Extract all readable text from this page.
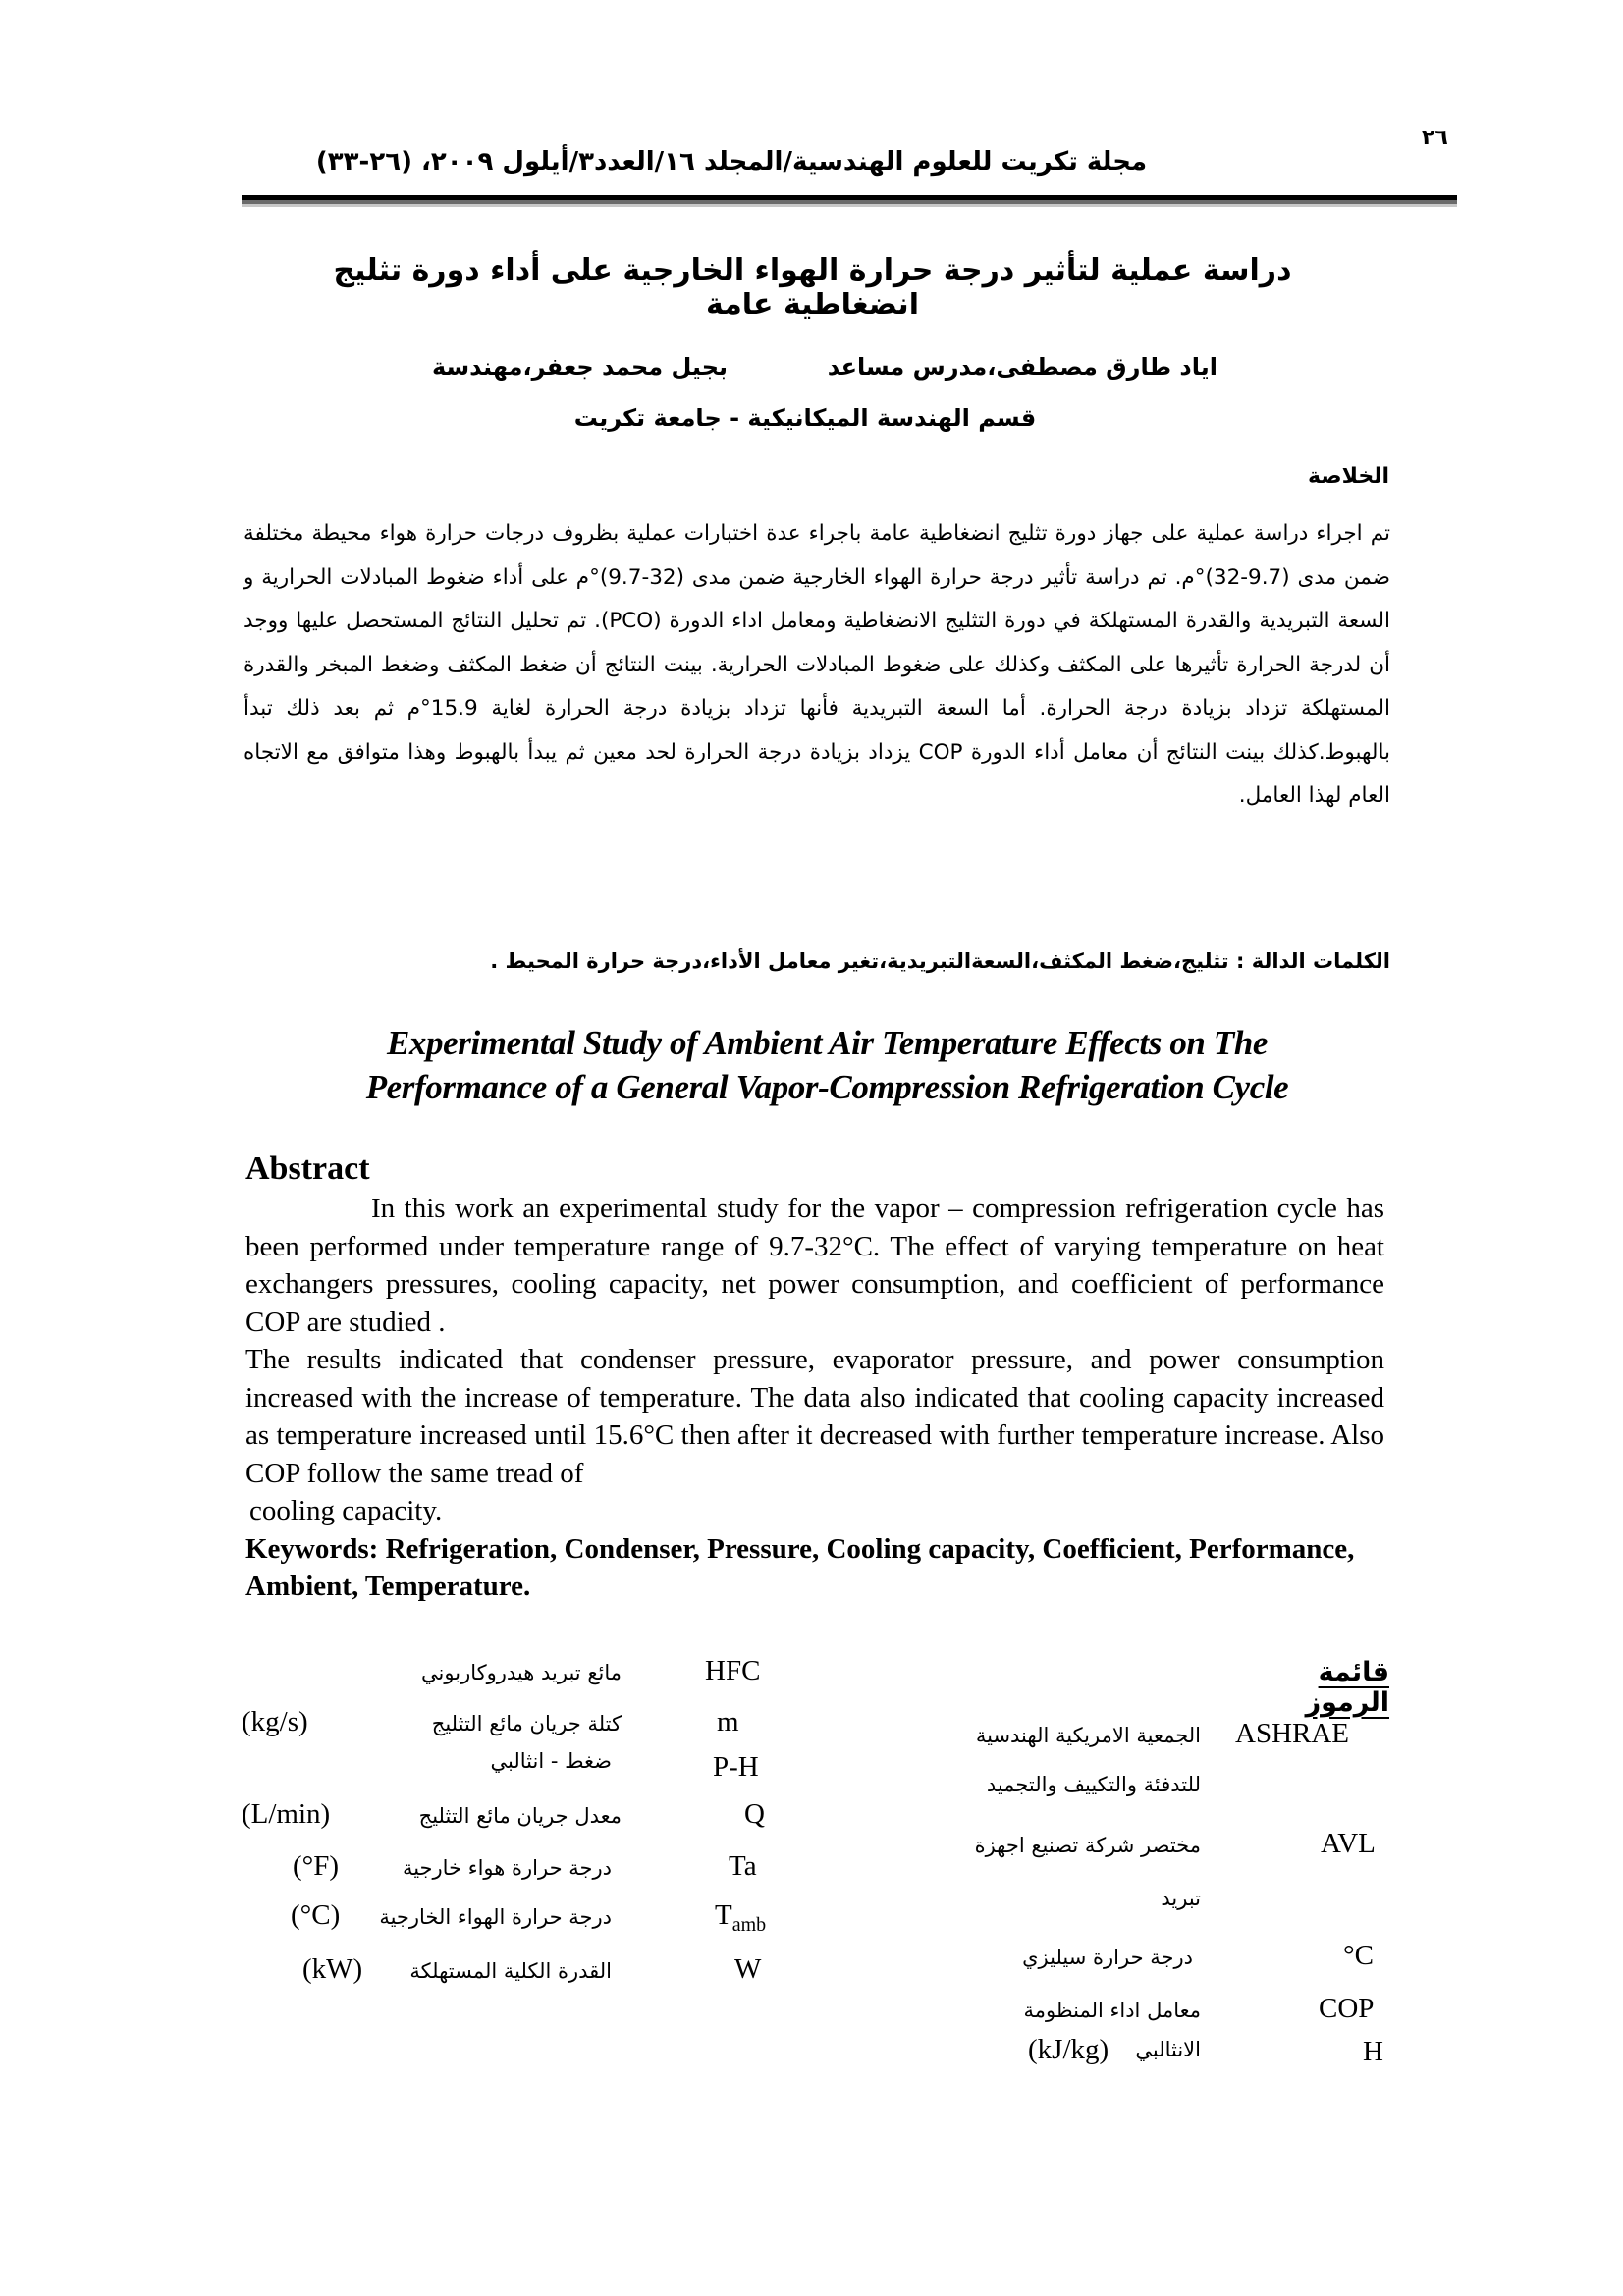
٢٦
مجلة تكريت للعلوم الهندسية/المجلد ١٦/العدد٣/أيلول ٢٠٠٩، (٢٦-٣٣)
دراسة عملية لتأثير درجة حرارة الهواء الخارجية على أداء دورة تثليج انضغاطية عامة
اياد طارق مصطفى،مدرس مساعد
بجيل محمد جعفر،مهندسة
قسم الهندسة الميكانيكية - جامعة تكريت
الخلاصة

تم اجراء دراسة عملية على جهاز دورة تثليج انضغاطية عامة باجراء عدة اختبارات عملية بظروف درجات حرارة هواء محيطة مختلفة ضمن مدى (9.7-32)°م. تم دراسة تأثير درجة حرارة الهواء الخارجية ضمن مدى (32-9.7)°م على أداء ضغوط المبادلات الحرارية و السعة التبريدية والقدرة المستهلكة في دورة التثليج الانضغاطية ومعامل اداء الدورة (PCO). تم تحليل النتائج المستحصل عليها ووجد أن لدرجة الحرارة تأثيرها على المكثف وكذلك على ضغوط المبادلات الحرارية. بينت النتائج أن ضغط المكثف وضغط المبخر والقدرة المستهلكة تزداد بزيادة درجة الحرارة. أما السعة التبريدية فأنها تزداد بزيادة درجة الحرارة لغاية 15.9°م ثم بعد ذلك تبدأ بالهبوط.كذلك بينت النتائج أن معامل أداء الدورة COP يزداد بزيادة درجة الحرارة لحد معين ثم يبدأ بالهبوط وهذا متوافق مع الاتجاه العام لهذا العامل.

الكلمات الدالة : تثليج،ضغط المكثف،السعةالتبريدية،تغير معامل الأداء،درجة حرارة المحيط .
Experimental Study of Ambient Air Temperature Effects on The
Performance of a General Vapor-Compression Refrigeration Cycle
Abstract

In this work an experimental study for the vapor – compression refrigeration cycle has been performed under temperature range of 9.7-32°C. The effect of varying temperature on heat exchangers pressures, cooling capacity, net power consumption, and coefficient of performance COP are studied .

The results indicated that condenser pressure, evaporator pressure, and power consumption increased with the increase of temperature. The data also indicated that cooling capacity increased as temperature increased until 15.6°C then after it decreased with further temperature increase. Also COP follow the same tread of

cooling capacity.

Keywords: Refrigeration, Condenser, Pressure, Cooling capacity, Coefficient, Performance, Ambient, Temperature.

قائمة الرموز
ASHRAE
الجمعية الامريكية الهندسية
للتدفئة والتكييف والتجميد
AVL
مختصر شركة تصنيع اجهزة
تبريد
°C
درجة حرارة سيليزي
COP
معامل اداء المنظومة
H
الانثالبي
(kJ/kg)
HFC
مائع تبريد هيدروكاربوني
m
كتلة جريان مائع التثليج
(kg/s)
P-H
ضغط - انثالبي
Q
معدل جريان مائع التثليج
(L/min)
Ta
درجة حرارة هواء خارجية
(°F)
$T_{amb}$
درجة حرارة الهواء الخارجية
(°C)
W
القدرة الكلية المستهلكة
(kW)
